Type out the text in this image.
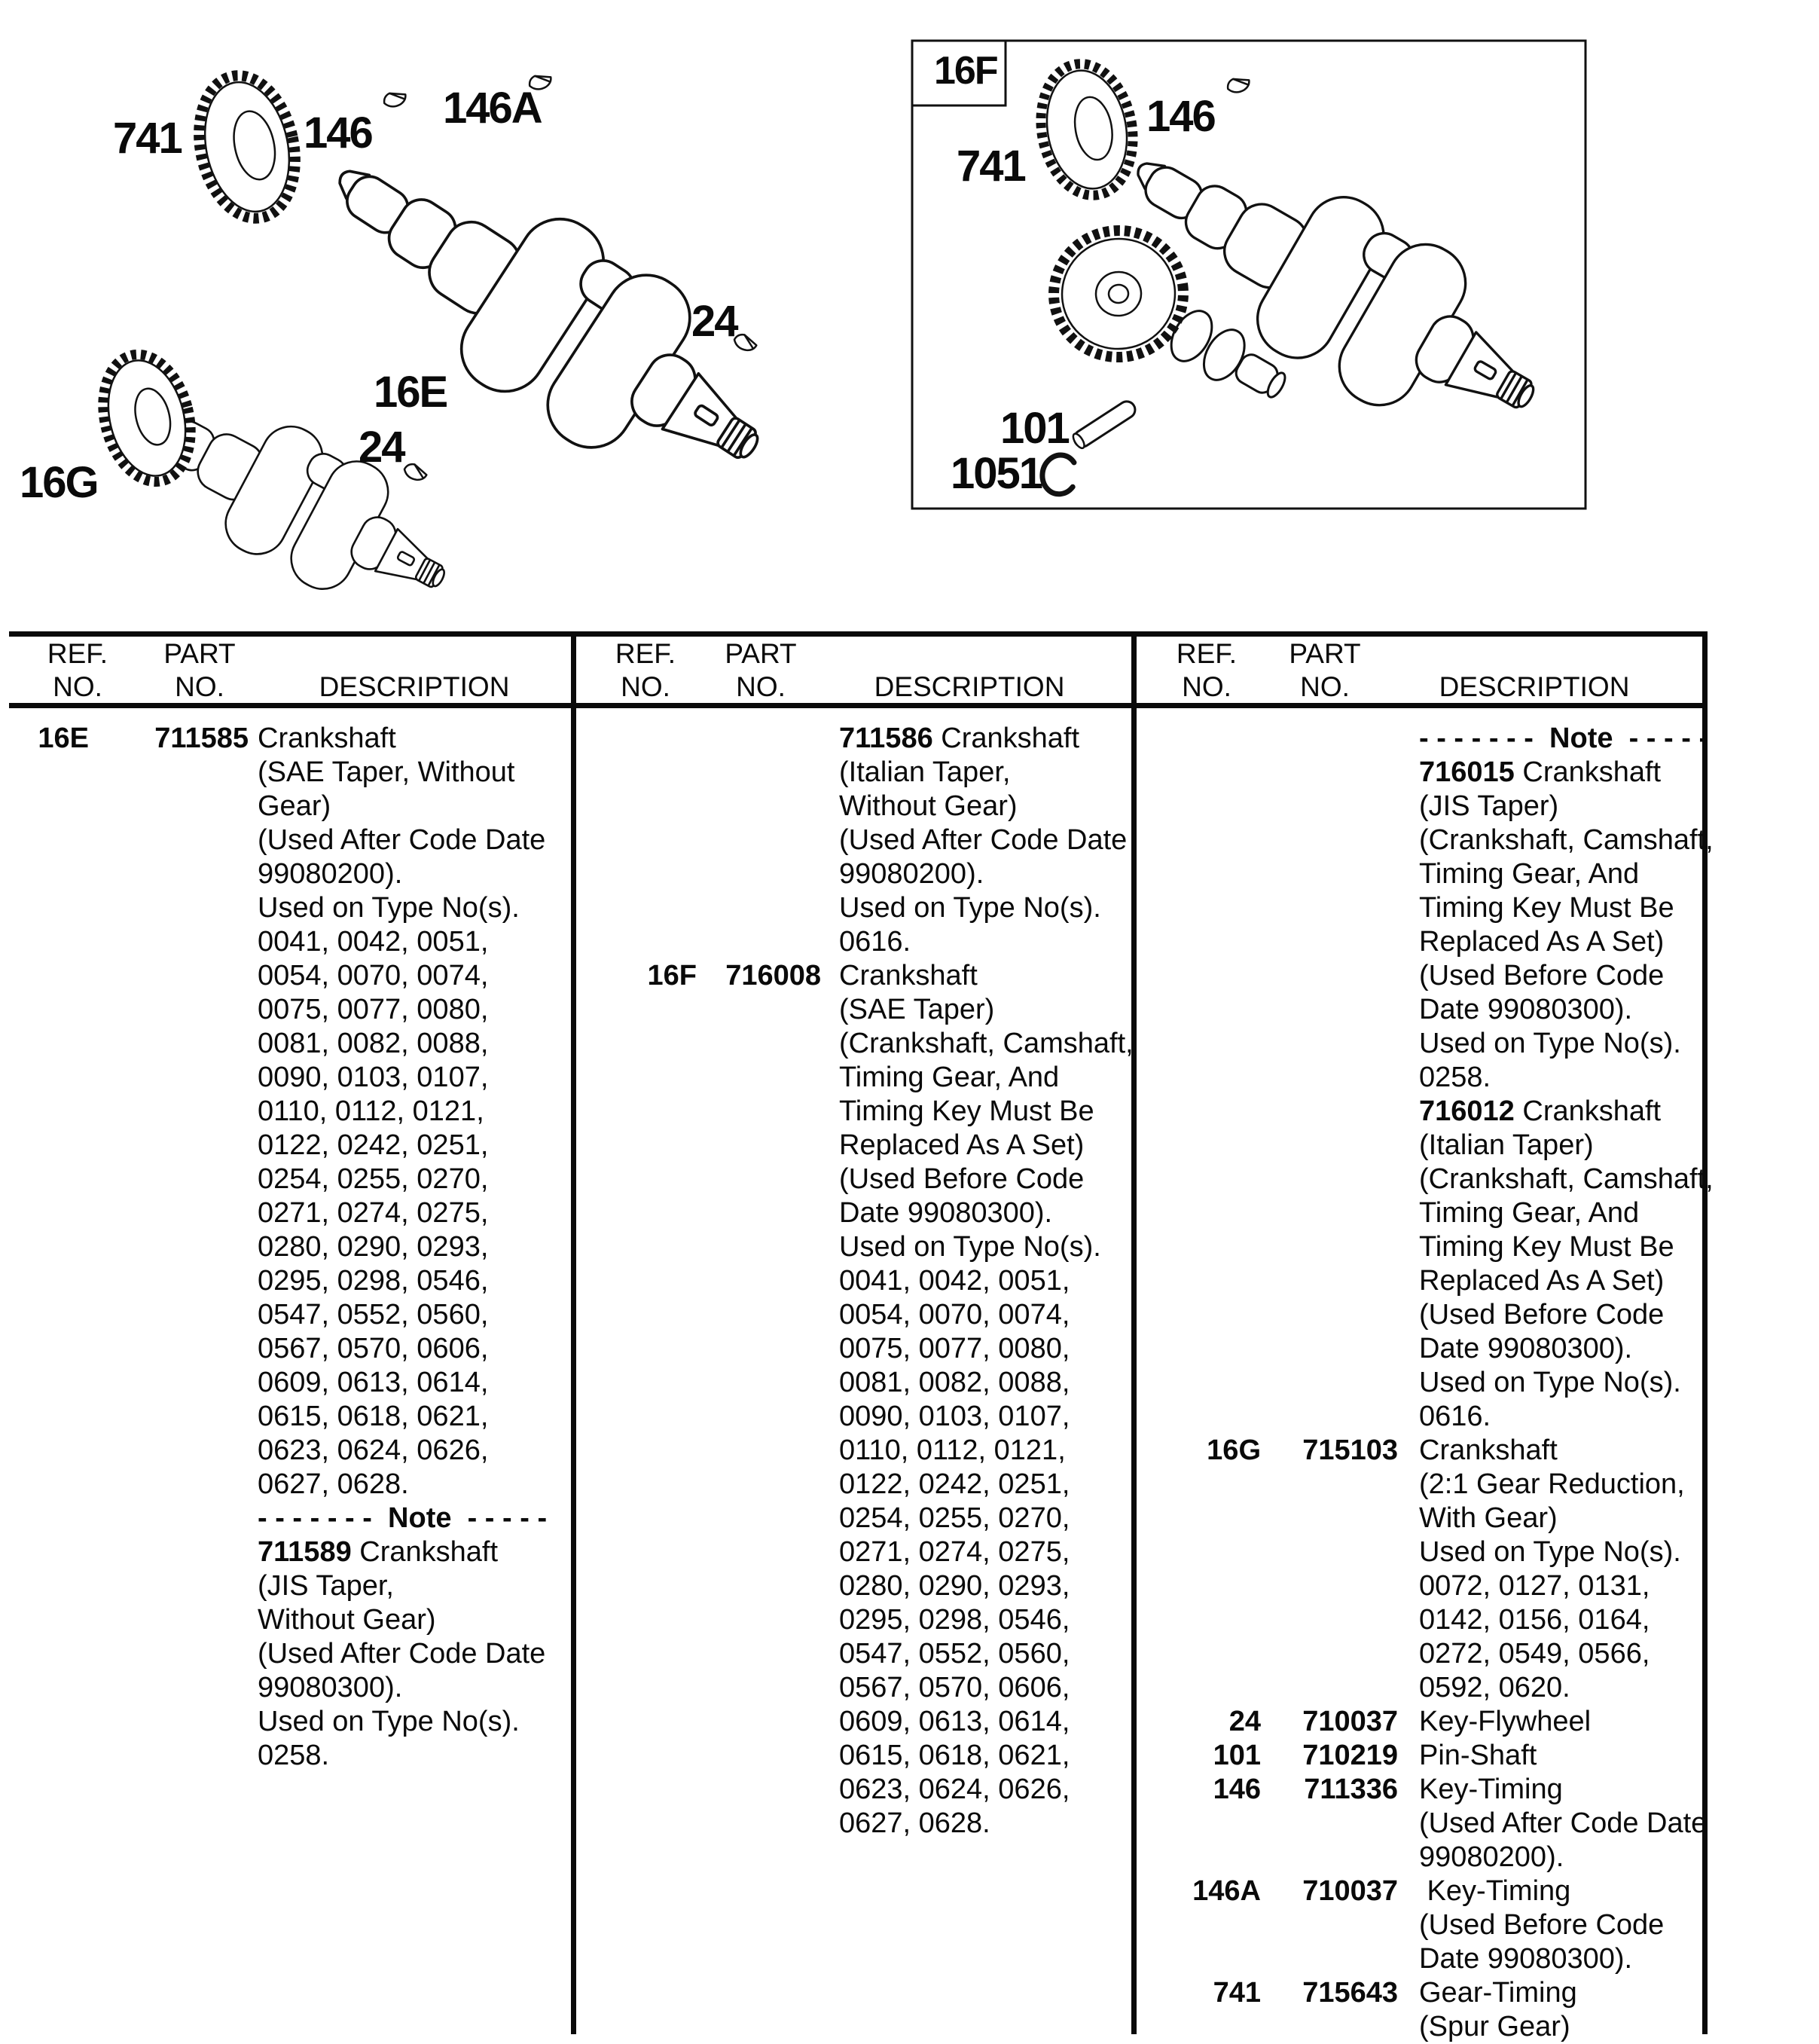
741	146
146A
24
16E
24
16G
16F
741
146
101
1051
REF.
NO.
PART
NO.	DESCRIPTION
REF.
NO.
PART
NO.	DESCRIPTION
REF.
NO.
PART
NO.	DESCRIPTION
16E	711585 Crankshaft
(SAE Taper, Without
Gear)
(Used After Code Date
99080200).
Used on Type No(s).
0041, 0042, 0051,
0054, 0070, 0074,
0075, 0077, 0080,
0081, 0082, 0088,
0090, 0103, 0107,
0110, 0112, 0121,
0122, 0242, 0251,
0254, 0255, 0270,
0271, 0274, 0275,
0280, 0290, 0293,
0295, 0298, 0546,
0547, 0552, 0560,
0567, 0570, 0606,
0609, 0613, 0614,
0615, 0618, 0621,
0623, 0624, 0626,
0627, 0628.
- - - - - - -  Note  - - - - -
711589 Crankshaft
(JIS Taper,
Without Gear)
(Used After Code Date
99080300).
Used on Type No(s).
0258.
711586 Crankshaft
(Italian Taper,
Without Gear)
(Used After Code Date
99080200).
Used on Type No(s).
0616.
16F	716008 Crankshaft
(SAE Taper)
(Crankshaft, Camshaft,
Timing Gear, And
Timing Key Must Be
Replaced As A Set)
(Used Before Code
Date 99080300).
Used on Type No(s).
0041, 0042, 0051,
0054, 0070, 0074,
0075, 0077, 0080,
0081, 0082, 0088,
0090, 0103, 0107,
0110, 0112, 0121,
0122, 0242, 0251,
0254, 0255, 0270,
0271, 0274, 0275,
0280, 0290, 0293,
0295, 0298, 0546,
0547, 0552, 0560,
0567, 0570, 0606,
0609, 0613, 0614,
0615, 0618, 0621,
0623, 0624, 0626,
0627, 0628.
- - - - - - -  Note  - - - - -
716015 Crankshaft
(JIS Taper)
(Crankshaft, Camshaft,
Timing Gear, And
Timing Key Must Be
Replaced As A Set)
(Used Before Code
Date 99080300).
Used on Type No(s).
0258.
716012 Crankshaft
(Italian Taper)
(Crankshaft, Camshaft,
Timing Gear, And
Timing Key Must Be
Replaced As A Set)
(Used Before Code
Date 99080300).
Used on Type No(s).
0616.
16G	715103 Crankshaft
(2:1 Gear Reduction,
With Gear)
Used on Type No(s).
0072, 0127, 0131,
0142, 0156, 0164,
0272, 0549, 0566,
0592, 0620.
24	710037 Key-Flywheel
101	710219 Pin-Shaft
146	711336 Key-Timing
(Used After Code Date
99080200).
146A	710037 Key-Timing
(Used Before Code
Date 99080300).
741	715643 Gear-Timing
(Spur Gear)
